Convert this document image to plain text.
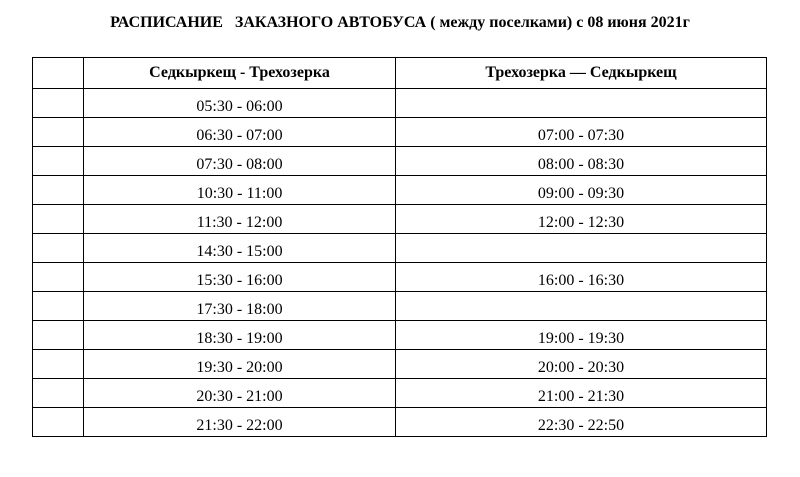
РАСПИСАНИЕ   ЗАКАЗНОГО АВТОБУСА ( между поселками) с 08 июня 2021г
	Седкыркещ - Трехозерка	Трехозерка — Седкыркещ
	05:30 - 06:00	
	06:30 - 07:00	07:00 - 07:30
	07:30 - 08:00	08:00 - 08:30
	10:30 - 11:00	09:00 - 09:30
	11:30 - 12:00	12:00 - 12:30
	14:30 - 15:00	
	15:30 - 16:00	16:00 - 16:30
	17:30 - 18:00	
	18:30 - 19:00	19:00 - 19:30
	19:30 - 20:00	20:00 - 20:30
	20:30 - 21:00	21:00 - 21:30
	21:30 - 22:00	22:30 - 22:50
